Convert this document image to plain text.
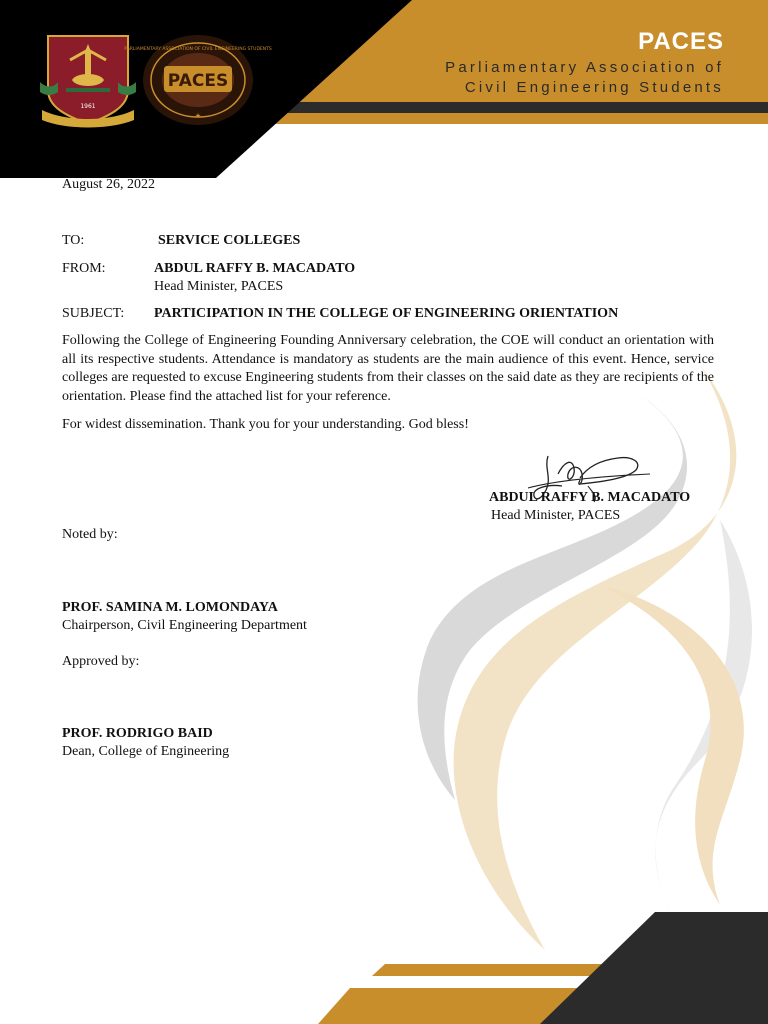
1961
PACES
PARLIAMENTARY ASSOCIATION OF CIVIL ENGINEERING STUDENTS
★
PACES
Parliamentary Association of
Civil Engineering Students
August 26, 2022
TO:	SERVICE COLLEGES
FROM:	ABDUL RAFFY B. MACADATO
Head Minister, PACES
SUBJECT: PARTICIPATION IN THE COLLEGE OF ENGINEERING ORIENTATION
Following the College of Engineering Founding Anniversary celebration, the COE will conduct an orientation with all its respective students. Attendance is mandatory as students are the main audience of this event. Hence, service colleges are requested to excuse Engineering students from their classes on the said date as they are recipients of the orientation. Please find the attached list for your reference.
For widest dissemination. Thank you for your understanding. God bless!
ABDUL RAFFY B. MACADATO
Head Minister, PACES
Noted by:
PROF. SAMINA M. LOMONDAYA
Chairperson, Civil Engineering Department
Approved by:
PROF. RODRIGO BAID
Dean, College of Engineering
